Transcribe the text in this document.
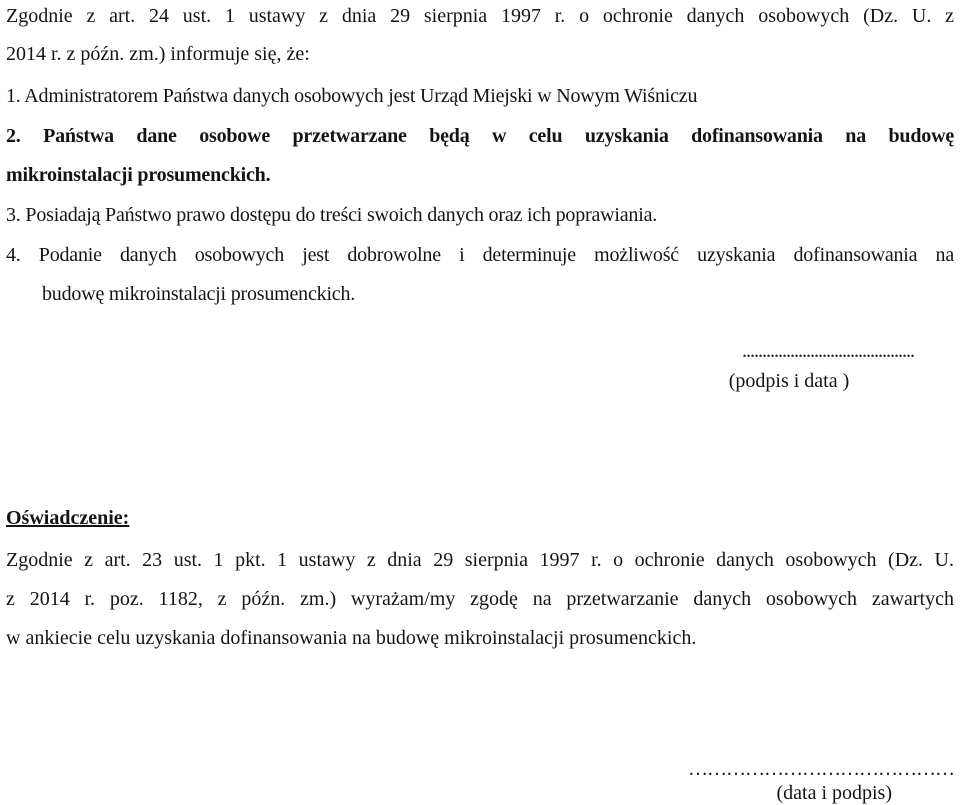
Zgodnie z art. 24 ust. 1 ustawy z dnia 29 sierpnia 1997 r. o ochronie danych osobowych (Dz. U. z
2014 r. z późn. zm.) informuje się, że:
1. Administratorem Państwa danych osobowych jest Urząd Miejski w Nowym Wiśniczu
2. Państwa dane osobowe przetwarzane będą w celu uzyskania dofinansowania na budowę
mikroinstalacji prosumenckich.
3. Posiadają Państwo prawo dostępu do treści swoich danych oraz ich poprawiania.
4. Podanie danych osobowych jest dobrowolne i determinuje możliwość uzyskania dofinansowania na
budowę mikroinstalacji prosumenckich.
...........................................
(podpis i data )
Oświadczenie:
Zgodnie z art. 23 ust. 1 pkt. 1 ustawy z dnia 29 sierpnia 1997 r. o ochronie danych osobowych (Dz. U.
z 2014 r. poz. 1182, z późn. zm.) wyrażam/my zgodę na przetwarzanie danych osobowych zawartych
w ankiecie celu uzyskania dofinansowania na budowę mikroinstalacji prosumenckich.
……………………………………
(data i podpis)
